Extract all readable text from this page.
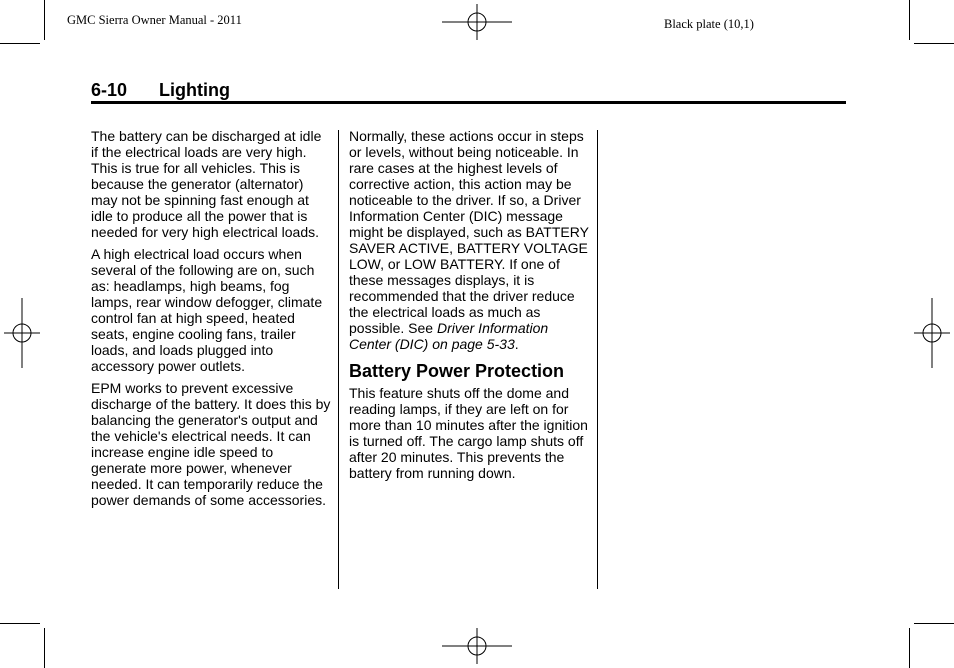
GMC Sierra Owner Manual - 2011	Black plate (10,1)
6-10 Lighting

The battery can be discharged at idle if the electrical loads are very high. This is true for all vehicles. This is because the generator (alternator) may not be spinning fast enough at idle to produce all the power that is needed for very high electrical loads.

A high electrical load occurs when several of the following are on, such as: headlamps, high beams, fog lamps, rear window defogger, climate control fan at high speed, heated seats, engine cooling fans, trailer loads, and loads plugged into accessory power outlets.

EPM works to prevent excessive discharge of the battery. It does this by balancing the generator's output and the vehicle's electrical needs. It can increase engine idle speed to generate more power, whenever needed. It can temporarily reduce the power demands of some accessories.

Normally, these actions occur in steps or levels, without being noticeable. In rare cases at the highest levels of corrective action, this action may be noticeable to the driver. If so, a Driver Information Center (DIC) message might be displayed, such as BATTERY SAVER ACTIVE, BATTERY VOLTAGE LOW, or LOW BATTERY. If one of these messages displays, it is recommended that the driver reduce the electrical loads as much as possible. See Driver Information Center (DIC) on page 5‑33.

Battery Power Protection

This feature shuts off the dome and reading lamps, if they are left on for more than 10 minutes after the ignition is turned off. The cargo lamp shuts off after 20 minutes. This prevents the battery from running down.
